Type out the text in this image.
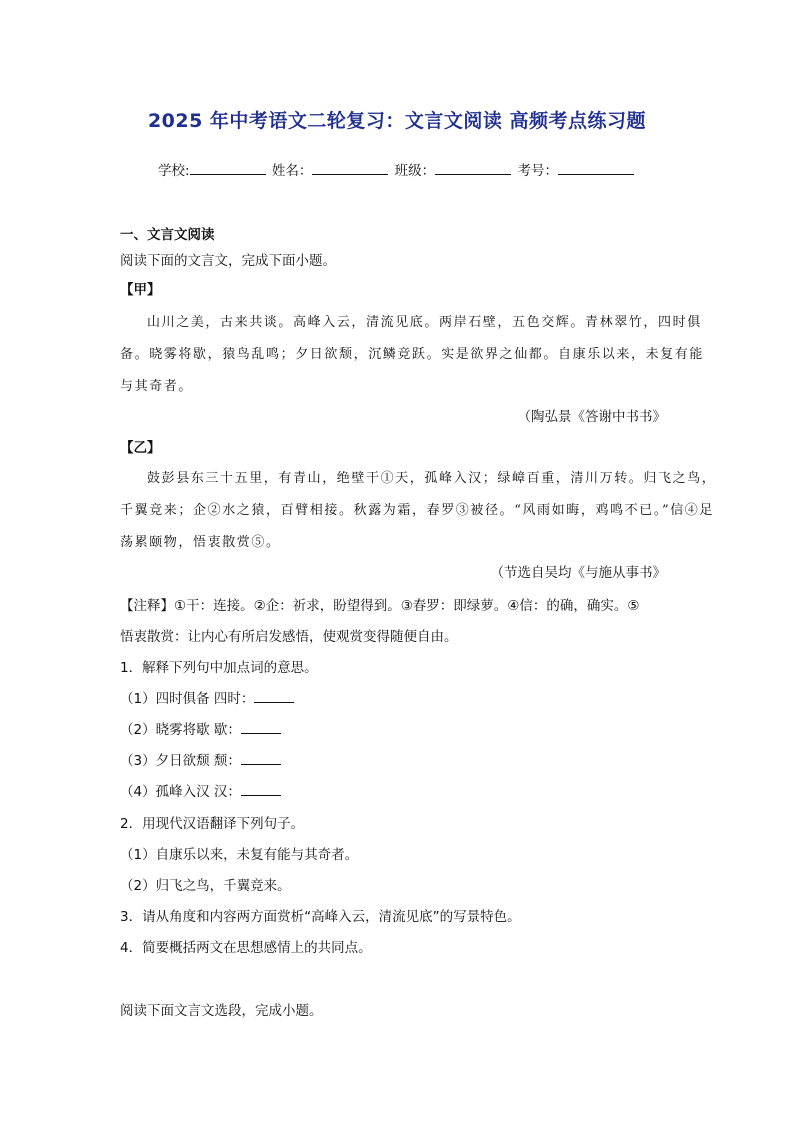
2025 年中考语文二轮复习：文言文阅读 高频考点练习题
学校:	姓名：	班级：	考号：
一、文言文阅读
阅读下面的文言文，完成下面小题。
【甲】
山川之美，古来共谈。高峰入云，清流见底。两岸石壁，五色交辉。青林翠竹，四时俱
备。晓雾将歇，猿鸟乱鸣；夕日欲颓，沉鳞竞跃。实是欲界之仙都。自康乐以来，未复有能
与其奇者。
（陶弘景《答谢中书书》
【乙】
鼓彭县东三十五里，有青山，绝壁干①天，孤峰入汉；绿嶂百重，清川万转。归飞之鸟，
千翼竞来；企②水之猿，百臂相接。秋露为霜，春罗③被径。“风雨如晦，鸡鸣不已。”信④足
荡累颐物，悟衷散赏⑤。
（节选自吴均《与施从事书》
【注释】①干：连接。②企：祈求，盼望得到。③春罗：即绿萝。④信：的确，确实。⑤
悟衷散赏：让内心有所启发感悟，使观赏变得随便自由。
1．解释下列句中加点词的意思。
（1）四时俱备 四时：
（2）晓雾将歇 歇：
（3）夕日欲颓 颓：
（4）孤峰入汉 汉：
2．用现代汉语翻译下列句子。
（1）自康乐以来，未复有能与其奇者。
（2）归飞之鸟，千翼竞来。
3．请从角度和内容两方面赏析“高峰入云，清流见底”的写景特色。
4．简要概括两文在思想感情上的共同点。
阅读下面文言文选段，完成小题。
